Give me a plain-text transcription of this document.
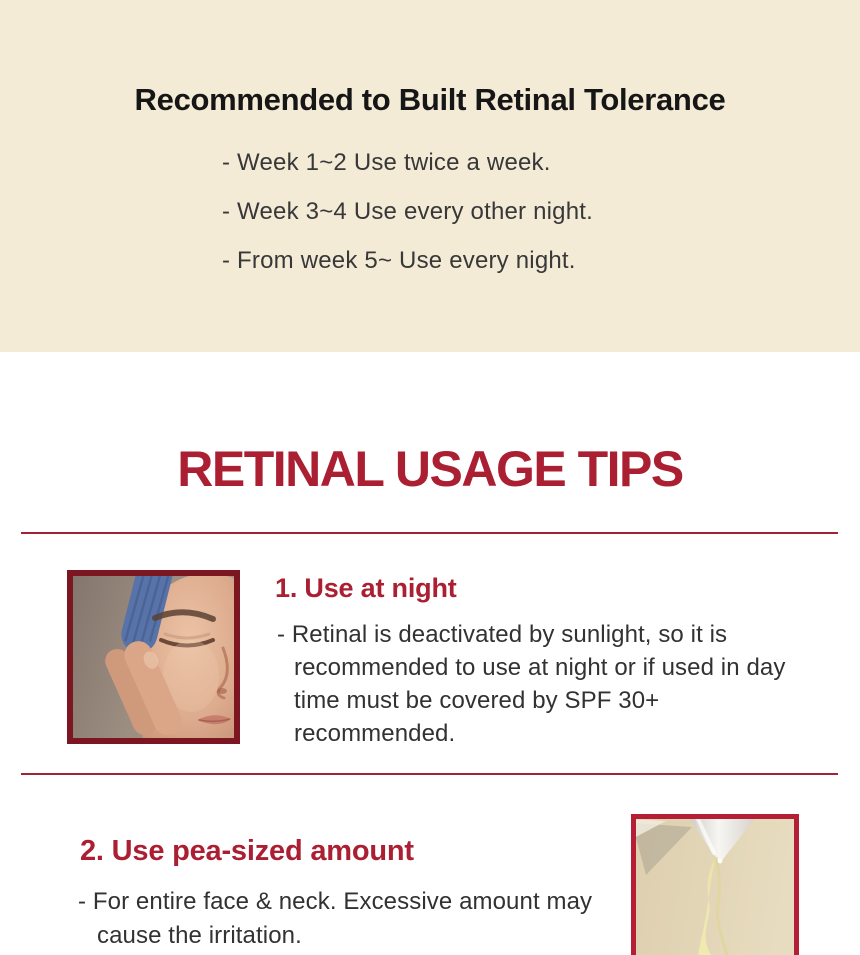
Recommended to Built Retinal Tolerance
- Week 1~2 Use twice a week.
- Week 3~4 Use every other night.
- From week 5~ Use every night.
RETINAL USAGE TIPS
1. Use at night
- Retinal is deactivated by sunlight, so it is recommended to use at night or if used in day time must be covered by SPF 30+ recommended.
2. Use pea-sized amount
- For entire face & neck. Excessive amount may cause the irritation.
